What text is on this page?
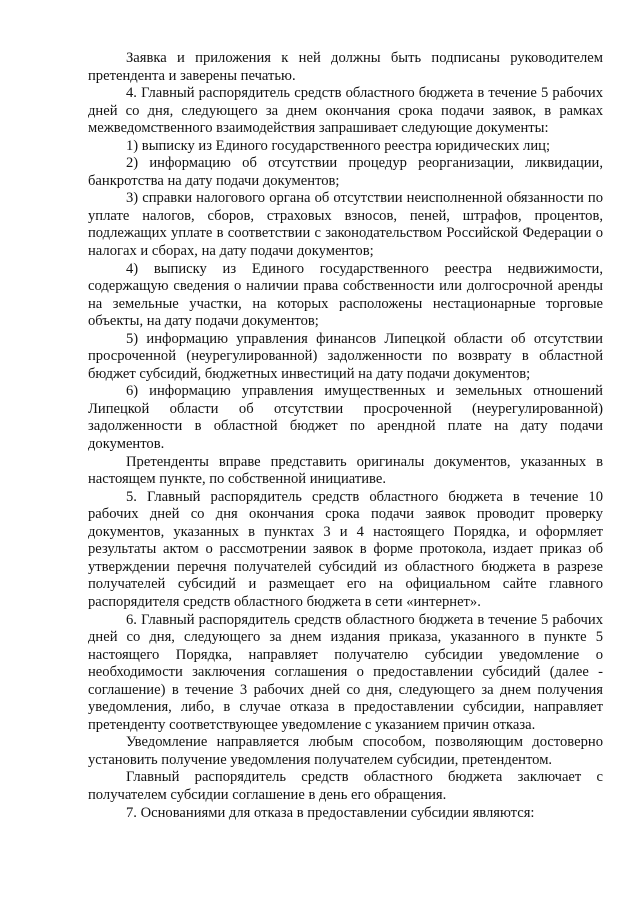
Заявка и приложения к ней должны быть подписаны руководителем претендента и заверены печатью.

4. Главный распорядитель средств областного бюджета в течение 5 рабочих дней со дня, следующего за днем окончания срока подачи заявок, в рамках межведомственного взаимодействия запрашивает следующие документы:

1) выписку из Единого государственного реестра юридических лиц;

2) информацию об отсутствии процедур реорганизации, ликвидации, банкротства на дату подачи документов;

3) справки налогового органа об отсутствии неисполненной обязанности по уплате налогов, сборов, страховых взносов, пеней, штрафов, процентов, подлежащих уплате в соответствии с законодательством Российской Федерации о налогах и сборах, на дату подачи документов;

4) выписку из Единого государственного реестра недвижимости, содержащую сведения о наличии права собственности или долгосрочной аренды на земельные участки, на которых расположены нестационарные торговые объекты, на дату подачи документов;

5) информацию управления финансов Липецкой области об отсутствии просроченной (неурегулированной) задолженности по возврату в областной бюджет субсидий, бюджетных инвестиций на дату подачи документов;

6) информацию управления имущественных и земельных отношений Липецкой области об отсутствии просроченной (неурегулированной) задолженности в областной бюджет по арендной плате на дату подачи документов.

Претенденты вправе представить оригиналы документов, указанных в настоящем пункте, по собственной инициативе.

5. Главный распорядитель средств областного бюджета в течение 10 рабочих дней со дня окончания срока подачи заявок проводит проверку документов, указанных в пунктах 3 и 4 настоящего Порядка, и оформляет результаты актом о рассмотрении заявок в форме протокола, издает приказ об утверждении перечня получателей субсидий из областного бюджета в разрезе получателей субсидий и размещает его на официальном сайте главного распорядителя средств областного бюджета в сети «интернет».

6. Главный распорядитель средств областного бюджета в течение 5 рабочих дней со дня, следующего за днем издания приказа, указанного в пункте 5 настоящего Порядка, направляет получателю субсидии уведомление о необходимости заключения соглашения о предоставлении субсидий (далее - соглашение) в течение 3 рабочих дней со дня, следующего за днем получения уведомления, либо, в случае отказа в предоставлении субсидии, направляет претенденту соответствующее уведомление с указанием причин отказа.

Уведомление направляется любым способом, позволяющим достоверно установить получение уведомления получателем субсидии, претендентом.

Главный распорядитель средств областного бюджета заключает с получателем субсидии соглашение в день его обращения.

7. Основаниями для отказа в предоставлении субсидии являются:
